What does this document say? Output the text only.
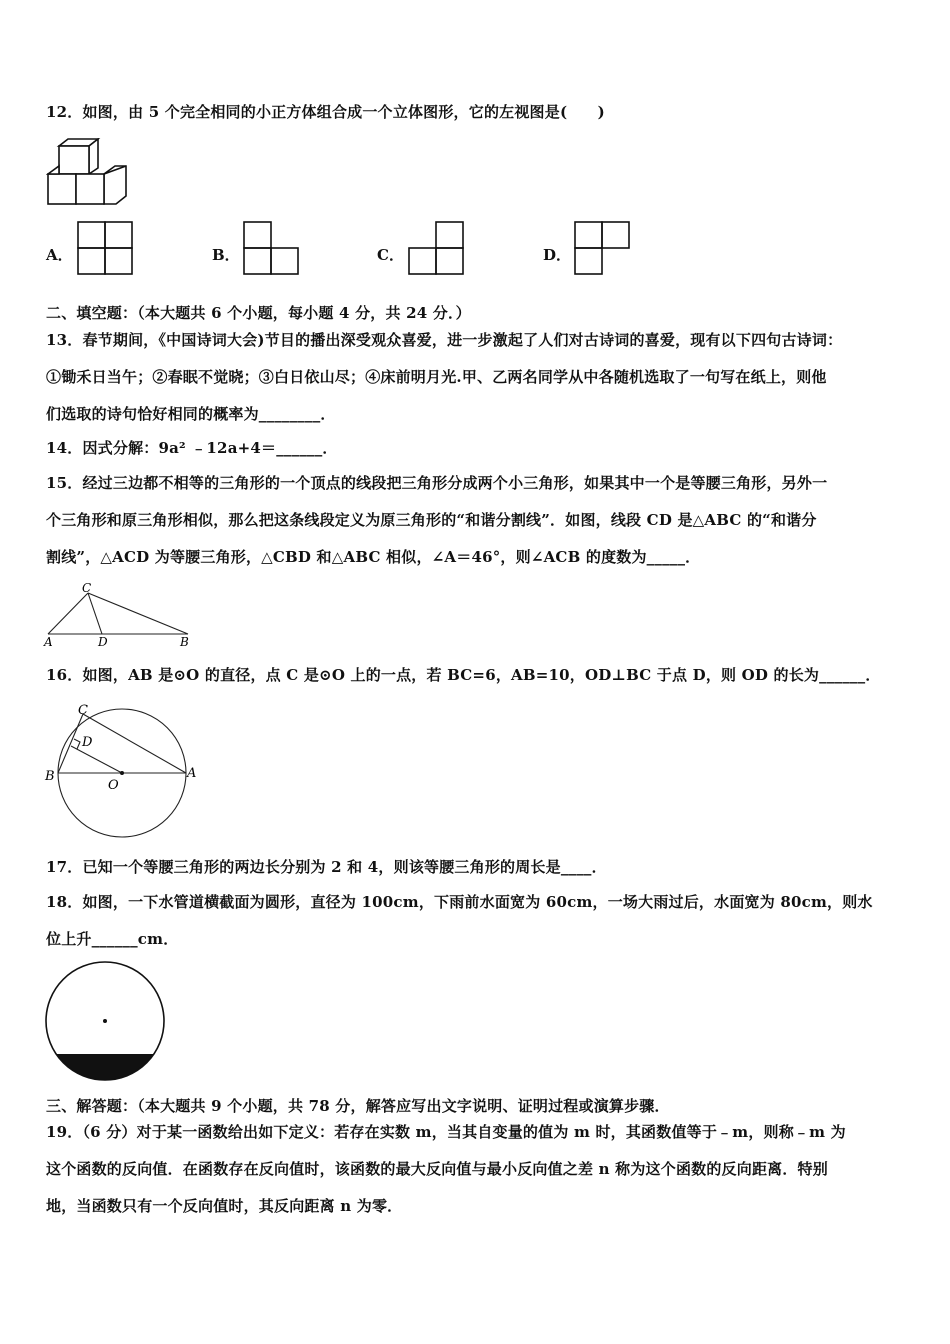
12．如图，由 5 个完全相同的小正方体组合成一个立体图形，它的左视图是(　　)
A．	B．	C．	D．
二、填空题：（本大题共 6 个小题，每小题 4 分，共 24 分．）
13．春节期间，《中国诗词大会)节目的播出深受观众喜爱，进一步激起了人们对古诗词的喜爱，现有以下四句古诗词：
①锄禾日当午；②春眠不觉晓；③白日依山尽；④床前明月光.甲、乙两名同学从中各随机选取了一句写在纸上，则他
们选取的诗句恰好相同的概率为________．
14．因式分解：9a² ﹣12a+4＝______．
15．经过三边都不相等的三角形的一个顶点的线段把三角形分成两个小三角形，如果其中一个是等腰三角形，另外一
个三角形和原三角形相似，那么把这条线段定义为原三角形的“和谐分割线”．如图，线段 CD 是△ABC 的“和谐分
割线”，△ACD 为等腰三角形，△CBD 和△ABC 相似，∠A＝46°，则∠ACB 的度数为_____．
C
A	D	B
16．如图，AB 是⊙O 的直径，点 C 是⊙O 上的一点，若 BC=6，AB=10，OD⊥BC 于点 D，则 OD 的长为______．
C
D
B
O
A
17．已知一个等腰三角形的两边长分别为 2 和 4，则该等腰三角形的周长是____．
18．如图，一下水管道横截面为圆形，直径为 100cm，下雨前水面宽为 60cm，一场大雨过后，水面宽为 80cm，则水
位上升______cm．
三、解答题：（本大题共 9 个小题，共 78 分，解答应写出文字说明、证明过程或演算步骤．
19．（6 分）对于某一函数给出如下定义：若存在实数 m，当其自变量的值为 m 时，其函数值等于﹣m，则称﹣m 为
这个函数的反向值．在函数存在反向值时，该函数的最大反向值与最小反向值之差 n 称为这个函数的反向距离．特别
地，当函数只有一个反向值时，其反向距离 n 为零．
